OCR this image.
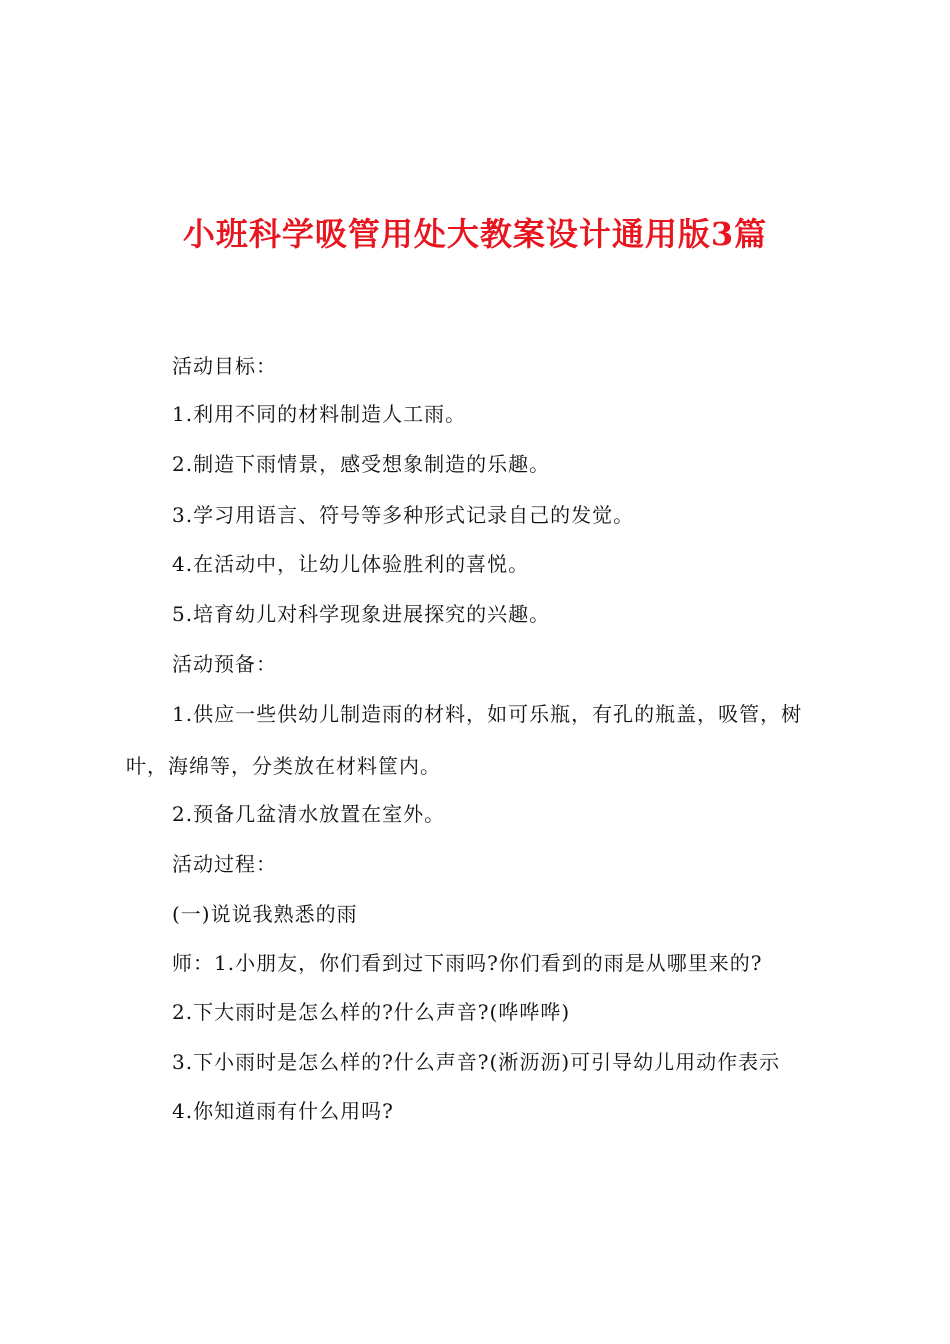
小班科学吸管用处大教案设计通用版3篇

活动目标：

1.利用不同的材料制造人工雨。

2.制造下雨情景，感受想象制造的乐趣。

3.学习用语言、符号等多种形式记录自己的发觉。

4.在活动中，让幼儿体验胜利的喜悦。

5.培育幼儿对科学现象进展探究的兴趣。

活动预备：

1.供应一些供幼儿制造雨的材料，如可乐瓶，有孔的瓶盖，吸管，树叶，海绵等，分类放在材料筐内。

2.预备几盆清水放置在室外。

活动过程：

(一)说说我熟悉的雨

师：1.小朋友，你们看到过下雨吗?你们看到的雨是从哪里来的?

2.下大雨时是怎么样的?什么声音?(哗哗哗)

3.下小雨时是怎么样的?什么声音?(淅沥沥)可引导幼儿用动作表示

4.你知道雨有什么用吗?
